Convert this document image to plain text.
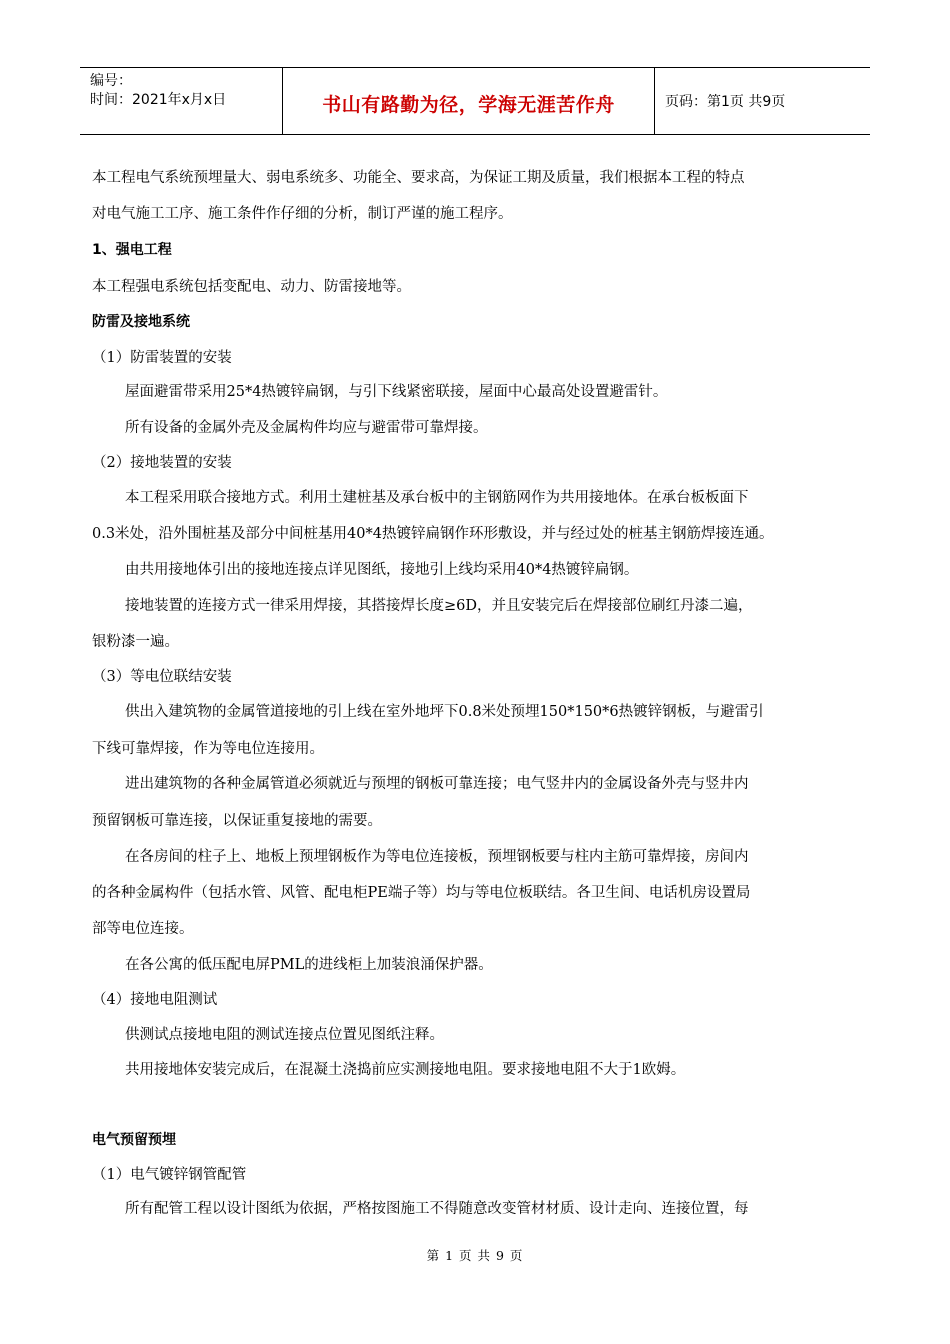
编号：
时间：2021年x月x日	书山有路勤为径，学海无涯苦作舟	页码：第1页 共9页

本工程电气系统预埋量大、弱电系统多、功能全、要求高，为保证工期及质量，我们根据本工程的特点

对电气施工工序、施工条件作仔细的分析，制订严谨的施工程序。

1、强电工程

本工程强电系统包括变配电、动力、防雷接地等。

防雷及接地系统

（1）防雷装置的安装

屋面避雷带采用25*4热镀锌扁钢，与引下线紧密联接，屋面中心最高处设置避雷针。

所有设备的金属外壳及金属构件均应与避雷带可靠焊接。

（2）接地装置的安装

本工程采用联合接地方式。利用土建桩基及承台板中的主钢筋网作为共用接地体。在承台板板面下

0.3米处，沿外围桩基及部分中间桩基用40*4热镀锌扁钢作环形敷设，并与经过处的桩基主钢筋焊接连通。

由共用接地体引出的接地连接点详见图纸，接地引上线均采用40*4热镀锌扁钢。

接地装置的连接方式一律采用焊接，其搭接焊长度≥6D，并且安装完后在焊接部位刷红丹漆二遍，

银粉漆一遍。

（3）等电位联结安装

供出入建筑物的金属管道接地的引上线在室外地坪下0.8米处预埋150*150*6热镀锌钢板，与避雷引

下线可靠焊接，作为等电位连接用。

进出建筑物的各种金属管道必须就近与预埋的钢板可靠连接；电气竖井内的金属设备外壳与竖井内

预留钢板可靠连接，以保证重复接地的需要。

在各房间的柱子上、地板上预埋钢板作为等电位连接板，预埋钢板要与柱内主筋可靠焊接，房间内

的各种金属构件（包括水管、风管、配电柜PE端子等）均与等电位板联结。各卫生间、电话机房设置局

部等电位连接。

在各公寓的低压配电屏PML的进线柜上加装浪涌保护器。

（4）接地电阻测试

供测试点接地电阻的测试连接点位置见图纸注释。

共用接地体安装完成后，在混凝土浇捣前应实测接地电阻。要求接地电阻不大于1欧姆。

电气预留预埋

（1）电气镀锌钢管配管

所有配管工程以设计图纸为依据，严格按图施工不得随意改变管材材质、设计走向、连接位置，每

第 1 页 共 9 页
